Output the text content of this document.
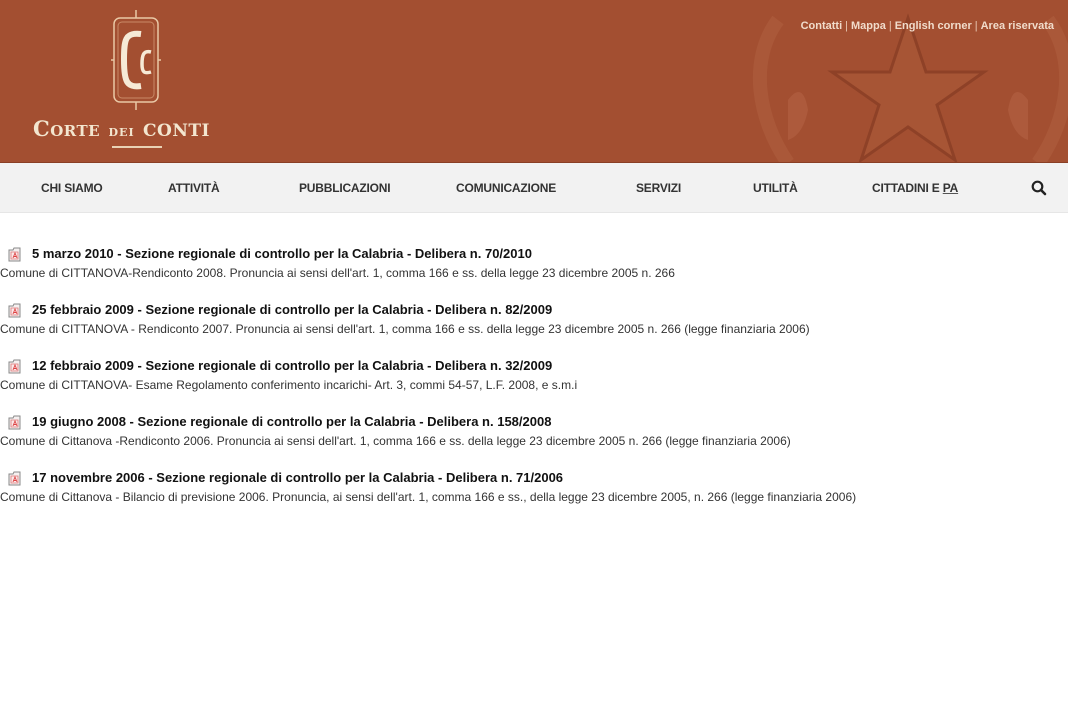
CORTE DEI CONTI
Contatti | Mappa | English corner | Area riservata
CHI SIAMO	ATTIVITÀ	PUBBLICAZIONI	COMUNICAZIONE	SERVIZI	UTILITÀ	CITTADINI E PA
5 marzo 2010 - Sezione regionale di controllo per la Calabria - Delibera n. 70/2010
Comune di CITTANOVA-Rendiconto 2008. Pronuncia ai sensi dell'art. 1, comma 166 e ss. della legge 23 dicembre 2005 n. 266
25 febbraio 2009 - Sezione regionale di controllo per la Calabria - Delibera n. 82/2009
Comune di CITTANOVA - Rendiconto 2007. Pronuncia ai sensi dell'art. 1, comma 166 e ss. della legge 23 dicembre 2005 n. 266 (legge finanziaria 2006)
12 febbraio 2009 - Sezione regionale di controllo per la Calabria - Delibera n. 32/2009
Comune di CITTANOVA- Esame Regolamento conferimento incarichi- Art. 3, commi 54-57, L.F. 2008, e s.m.i
19 giugno 2008 - Sezione regionale di controllo per la Calabria - Delibera n. 158/2008
Comune di Cittanova -Rendiconto 2006. Pronuncia ai sensi dell'art. 1, comma 166 e ss. della legge 23 dicembre 2005 n. 266 (legge finanziaria 2006)
17 novembre 2006 - Sezione regionale di controllo per la Calabria - Delibera n. 71/2006
Comune di Cittanova - Bilancio di previsione 2006. Pronuncia, ai sensi dell'art. 1, comma 166 e ss., della legge 23 dicembre 2005, n. 266 (legge finanziaria 2006)
